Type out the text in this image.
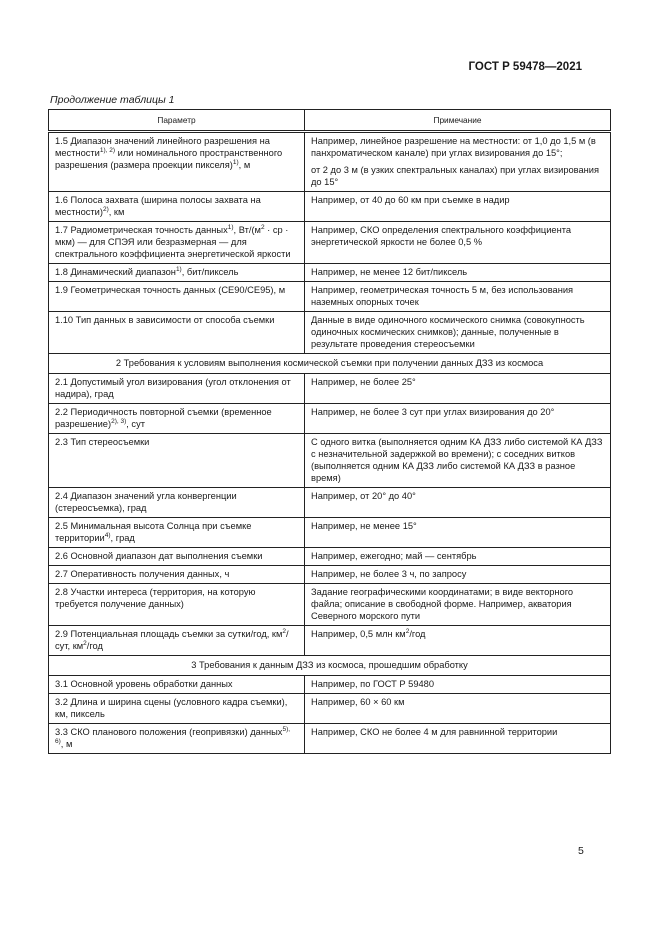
ГОСТ Р 59478—2021
Продолжение таблицы 1
Параметр	Примечание
1.5 Диапазон значений линейного разрешения на местности$^{1), 2)}$ или номинального пространственного разрешения (размера проекции пикселя)$^{1)}$, м	Например, линейное разрешение на местности: от 1,0 до 1,5 м (в панхроматическом канале) при углах визирования до 15°;

от 2 до 3 м (в узких спектральных каналах) при углах визирования до 15°

1.6 Полоса захвата (ширина полосы захвата на местности)$^{2)}$, км	Например, от 40 до 60 км при съемке в надир
1.7 Радиометрическая точность данных$^{1)}$, $Вт/(м^2$ · ср · мкм) — для СПЭЯ или безразмерная — для спектрального коэффициента энергетической яркости	Например, СКО определения спектрального коэффициента энергетической яркости не более 0,5 %
1.8 Динамический диапазон$^{1)}$, бит/пиксель	Например, не менее 12 бит/пиксель
1.9 Геометрическая точность данных (CE90/CE95), м	Например, геометрическая точность 5 м, без использования наземных опорных точек
1.10 Тип данных в зависимости от способа съемки	Данные в виде одиночного космического снимка (совокупность одиночных космических снимков); данные, полученные в результате проведения стереосъемки
2 Требования к условиям выполнения космической съемки при получении данных ДЗЗ из космоса	
2.1 Допустимый угол визирования (угол отклонения от надира), град	Например, не более 25°
2.2 Периодичность повторной съемки (временное разрешение)$^{2), 3)}$, сут	Например, не более 3 сут при углах визирования до 20°
2.3 Тип стереосъемки	С одного витка (выполняется одним КА ДЗЗ либо системой КА ДЗЗ с незначительной задержкой во времени); с соседних витков (выполняется одним КА ДЗЗ либо системой КА ДЗЗ в разное время)
2.4 Диапазон значений угла конвергенции (стереосъемка), град	Например, от 20° до 40°
2.5 Минимальная высота Солнца при съемке территории$^{4)}$, град	Например, не менее 15°
2.6 Основной диапазон дат выполнения съемки	Например, ежегодно; май — сентябрь
2.7 Оперативность получения данных, ч	Например, не более 3 ч, по запросу
2.8 Участки интереса (территория, на которую требуется получение данных)	Задание географическими координатами; в виде векторного файла; описание в свободной форме. Например, акватория Северного морского пути
2.9 Потенциальная площадь съемки за сутки/год, $км^2$/сут, $км^2$/год	Например, 0,5 млн $км^2$/год
3 Требования к данным ДЗЗ из космоса, прошедшим обработку	
3.1 Основной уровень обработки данных	Например, по ГОСТ Р 59480
3.2 Длина и ширина сцены (условного кадра съемки), км, пиксель	Например, 60 × 60 км
3.3 СКО планового положения (геопривязки) данных$^{5), 6)}$, м	Например, СКО не более 4 м для равнинной территории
5
